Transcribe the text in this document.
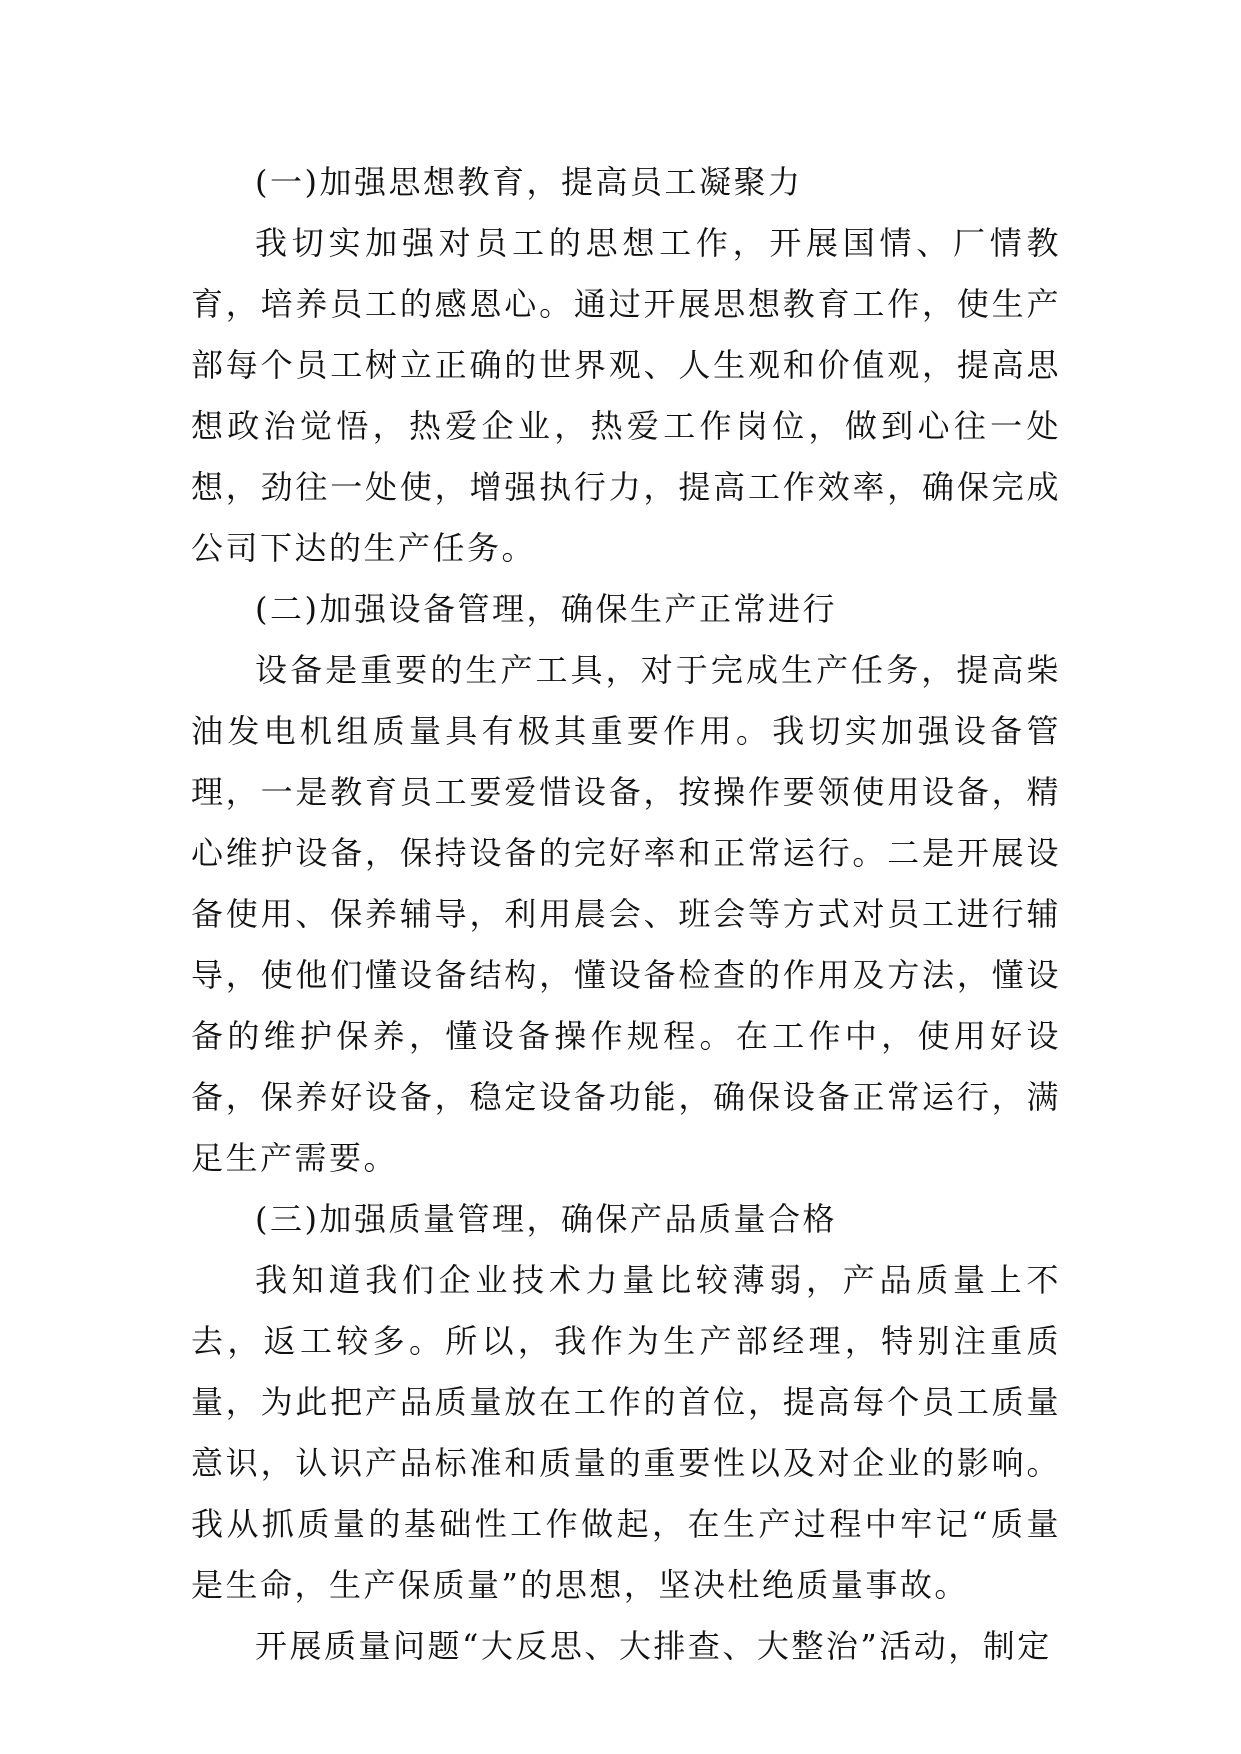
(一)加强思想教育，提高员工凝聚力

我切实加强对员工的思想工作，开展国情、厂情教育，培养员工的感恩心。通过开展思想教育工作，使生产部每个员工树立正确的世界观、人生观和价值观，提高思想政治觉悟，热爱企业，热爱工作岗位，做到心往一处想，劲往一处使，增强执行力，提高工作效率，确保完成公司下达的生产任务。

(二)加强设备管理，确保生产正常进行

设备是重要的生产工具，对于完成生产任务，提高柴油发电机组质量具有极其重要作用。我切实加强设备管理，一是教育员工要爱惜设备，按操作要领使用设备，精心维护设备，保持设备的完好率和正常运行。二是开展设备使用、保养辅导，利用晨会、班会等方式对员工进行辅导，使他们懂设备结构，懂设备检查的作用及方法，懂设备的维护保养，懂设备操作规程。在工作中，使用好设备，保养好设备，稳定设备功能，确保设备正常运行，满足生产需要。

(三)加强质量管理，确保产品质量合格

我知道我们企业技术力量比较薄弱，产品质量上不去，返工较多。所以，我作为生产部经理，特别注重质量，为此把产品质量放在工作的首位，提高每个员工质量意识，认识产品标准和质量的重要性以及对企业的影响。我从抓质量的基础性工作做起，在生产过程中牢记“质量是生命，生产保质量”的思想，坚决杜绝质量事故。

开展质量问题“大反思、大排查、大整治”活动，制定
